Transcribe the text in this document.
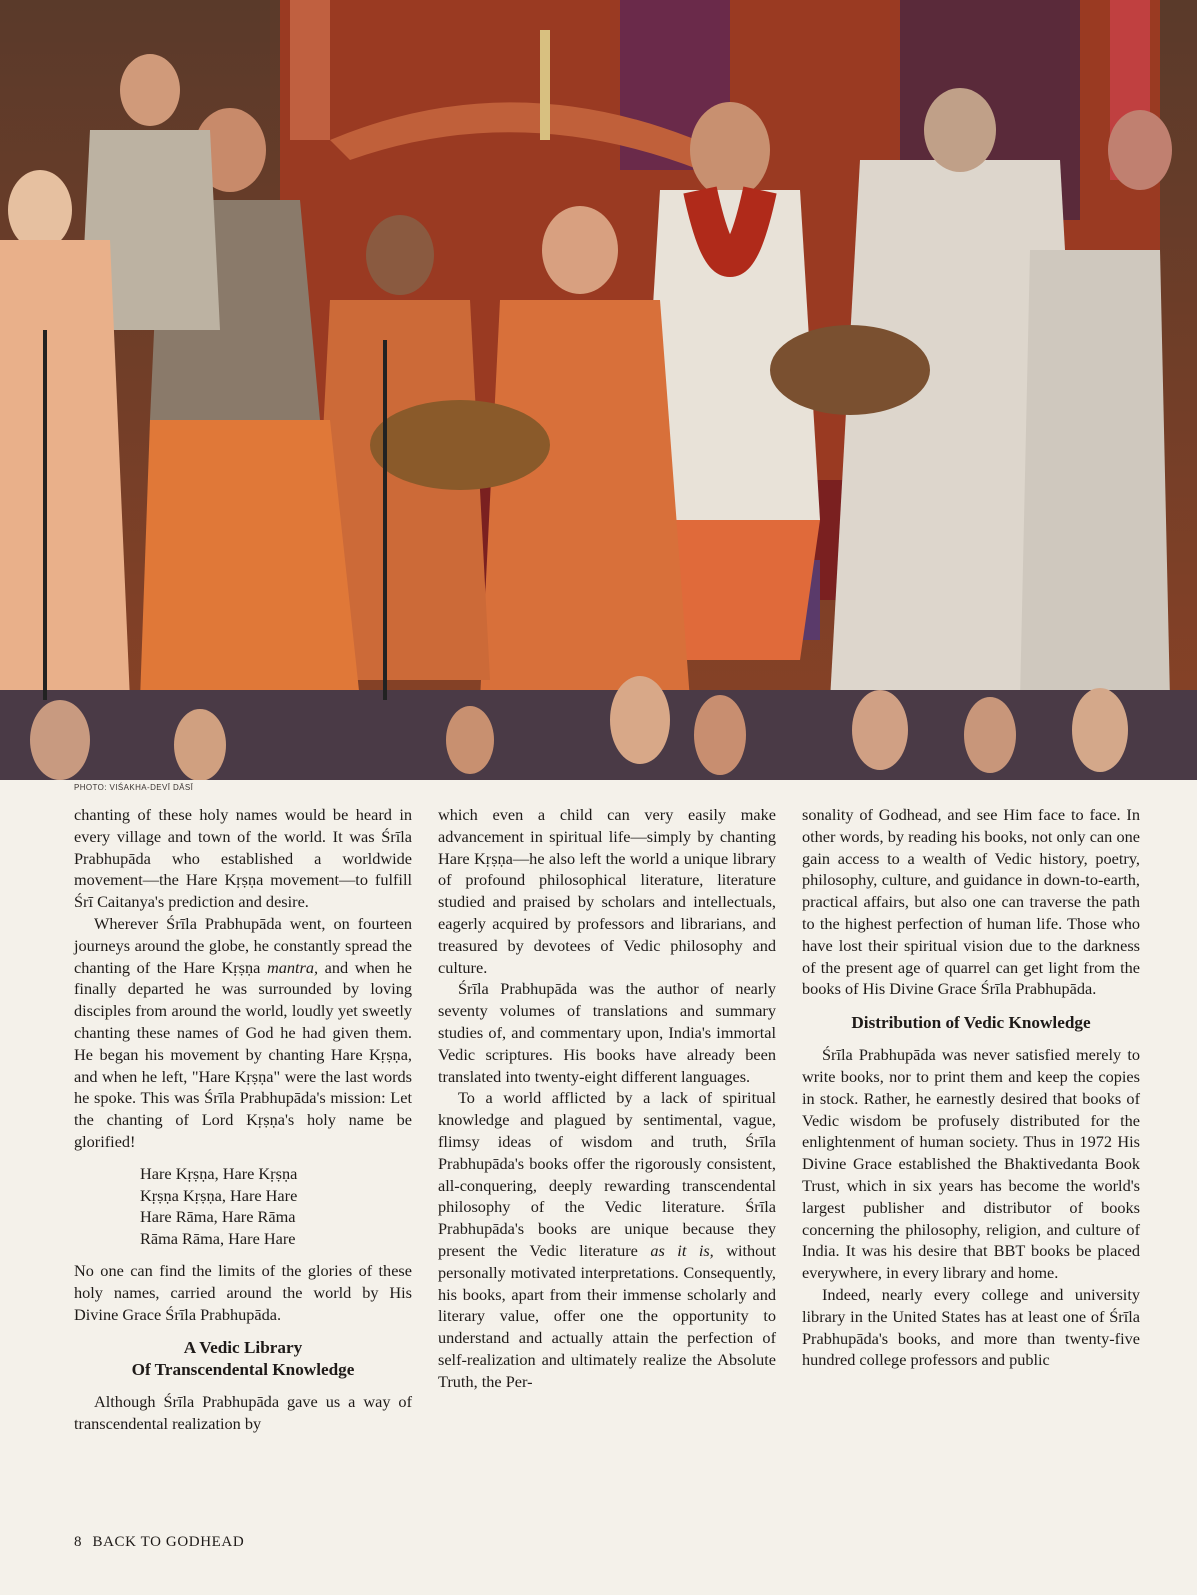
PHOTO: VIŚAKHA-DEVĪ DĀSĪ

chanting of these holy names would be heard in every village and town of the world. It was Śrīla Prabhupāda who established a worldwide movement—the Hare Kṛṣṇa movement—to fulfill Śrī Caitanya's prediction and desire.

Wherever Śrīla Prabhupāda went, on fourteen journeys around the globe, he constantly spread the chanting of the Hare Kṛṣṇa mantra, and when he finally departed he was surrounded by loving disciples from around the world, loudly yet sweetly chanting these names of God he had given them. He began his movement by chanting Hare Kṛṣṇa, and when he left, "Hare Kṛṣṇa" were the last words he spoke. This was Śrīla Prabhupāda's mission: Let the chanting of Lord Kṛṣṇa's holy name be glorified!

Hare Kṛṣṇa, Hare Kṛṣṇa
Kṛṣṇa Kṛṣṇa, Hare Hare
Hare Rāma, Hare Rāma
Rāma Rāma, Hare Hare

No one can find the limits of the glories of these holy names, carried around the world by His Divine Grace Śrīla Prabhupāda.

A Vedic Library
Of Transcendental Knowledge

Although Śrīla Prabhupāda gave us a way of transcendental realization by

which even a child can very easily make advancement in spiritual life—simply by chanting Hare Kṛṣṇa—he also left the world a unique library of profound philosophical literature, literature studied and praised by scholars and intellectuals, eagerly acquired by professors and librarians, and treasured by devotees of Vedic philosophy and culture.

Śrīla Prabhupāda was the author of nearly seventy volumes of translations and summary studies of, and commentary upon, India's immortal Vedic scriptures. His books have already been translated into twenty-eight different languages.

To a world afflicted by a lack of spiritual knowledge and plagued by sentimental, vague, flimsy ideas of wisdom and truth, Śrīla Prabhupāda's books offer the rigorously consistent, all-conquering, deeply rewarding transcendental philosophy of the Vedic literature. Śrīla Prabhupāda's books are unique because they present the Vedic literature as it is, without personally motivated interpretations. Consequently, his books, apart from their immense scholarly and literary value, offer one the opportunity to understand and actually attain the perfection of self-realization and ultimately realize the Absolute Truth, the Per-

sonality of Godhead, and see Him face to face. In other words, by reading his books, not only can one gain access to a wealth of Vedic history, poetry, philosophy, culture, and guidance in down-to-earth, practical affairs, but also one can traverse the path to the highest perfection of human life. Those who have lost their spiritual vision due to the darkness of the present age of quarrel can get light from the books of His Divine Grace Śrīla Prabhupāda.

Distribution of Vedic Knowledge

Śrīla Prabhupāda was never satisfied merely to write books, nor to print them and keep the copies in stock. Rather, he earnestly desired that books of Vedic wisdom be profusely distributed for the enlightenment of human society. Thus in 1972 His Divine Grace established the Bhaktivedanta Book Trust, which in six years has become the world's largest publisher and distributor of books concerning the philosophy, religion, and culture of India. It was his desire that BBT books be placed everywhere, in every library and home.

Indeed, nearly every college and university library in the United States has at least one of Śrīla Prabhupāda's books, and more than twenty-five hundred college professors and public

8 BACK TO GODHEAD
